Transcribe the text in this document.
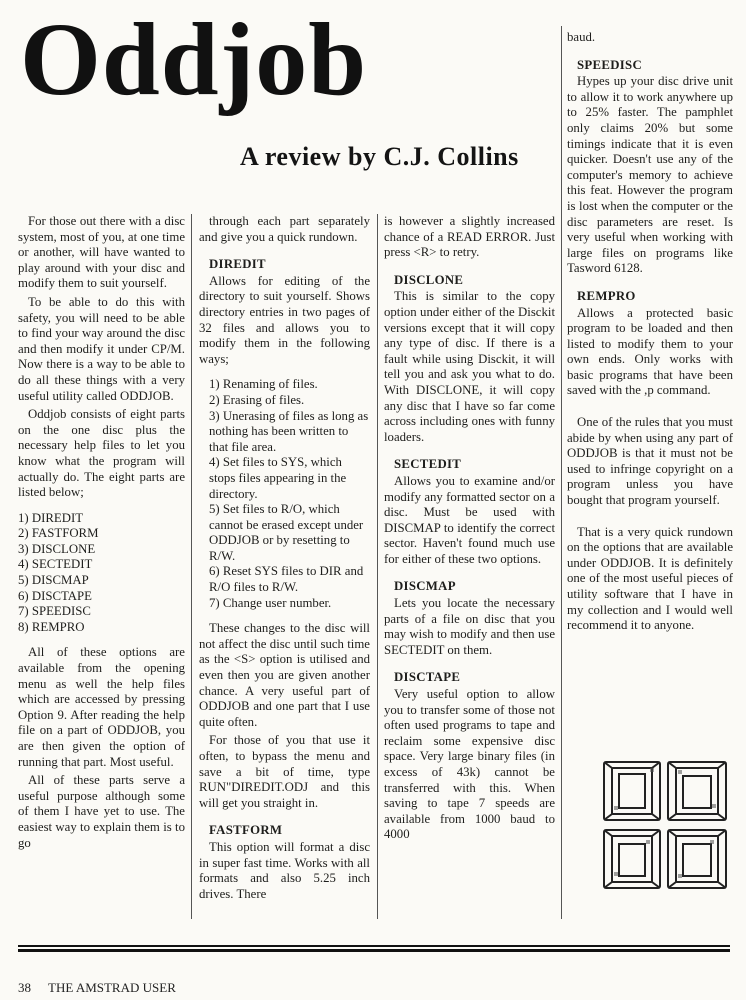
Oddjob
A review by C.J. Collins

For those out there with a disc system, most of you, at one time or another, will have wanted to play around with your disc and modify them to suit yourself.

To be able to do this with safety, you will need to be able to find your way around the disc and then modify it under CP/M. Now there is a way to be able to do all these things with a very useful utility called ODDJOB.

Oddjob consists of eight parts on the one disc plus the necessary help files to let you know what the program will actually do. The eight parts are listed below;

1) DIREDIT
2) FASTFORM
3) DISCLONE
4) SECTEDIT
5) DISCMAP
6) DISCTAPE
7) SPEEDISC
8) REMPRO

All of these options are available from the opening menu as well the help files which are accessed by pressing Option 9. After reading the help file on a part of ODDJOB, you are then given the option of running that part. Most useful.

All of these parts serve a useful purpose although some of them I have yet to use. The easiest way to explain them is to go

through each part separately and give you a quick rundown.

DIREDIT

Allows for editing of the directory to suit yourself. Shows directory entries in two pages of 32 files and allows you to modify them in the following ways;

1) Renaming of files.
2) Erasing of files.
3) Unerasing of files as long as nothing has been written to that file area.
4) Set files to SYS, which stops files appearing in the directory.
5) Set files to R/O, which cannot be erased except under ODDJOB or by resetting to R/W.
6) Reset SYS files to DIR and R/O files to R/W.
7) Change user number.

These changes to the disc will not affect the disc until such time as the <S> option is utilised and even then you are given another chance. A very useful part of ODDJOB and one part that I use quite often.

For those of you that use it often, to bypass the menu and save a bit of time, type RUN"DIREDIT.ODJ and this will get you straight in.

FASTFORM

This option will format a disc in super fast time. Works with all formats and also 5.25 inch drives. There

is however a slightly increased chance of a READ ERROR. Just press <R> to retry.

DISCLONE

This is similar to the copy option under either of the Disckit versions except that it will copy any type of disc. If there is a fault while using Disckit, it will tell you and ask you what to do. With DISCLONE, it will copy any disc that I have so far come across including ones with funny loaders.

SECTEDIT

Allows you to examine and/or modify any formatted sector on a disc. Must be used with DISCMAP to identify the correct sector. Haven't found much use for either of these two options.

DISCMAP

Lets you locate the necessary parts of a file on disc that you may wish to modify and then use SECTEDIT on them.

DISCTAPE

Very useful option to allow you to transfer some of those not often used programs to tape and reclaim some expensive disc space. Very large binary files (in excess of 43k) cannot be transferred with this. When saving to tape 7 speeds are available from 1000 baud to 4000

baud.

SPEEDISC

Hypes up your disc drive unit to allow it to work anywhere up to 25% faster. The pamphlet only claims 20% but some timings indicate that it is even quicker. Doesn't use any of the computer's memory to achieve this feat. However the program is lost when the computer or the disc parameters are reset. Is very useful when working with large files on programs like Tasword 6128.

REMPRO

Allows a protected basic program to be loaded and then listed to modify them to your own ends. Only works with basic programs that have been saved with the ,p command.

One of the rules that you must abide by when using any part of ODDJOB is that it must not be used to infringe copyright on a program unless you have bought that program yourself.

That is a very quick rundown on the options that are available under ODDJOB. It is definitely one of the most useful pieces of utility software that I have in my collection and I would well recommend it to anyone.

38 THE AMSTRAD USER
